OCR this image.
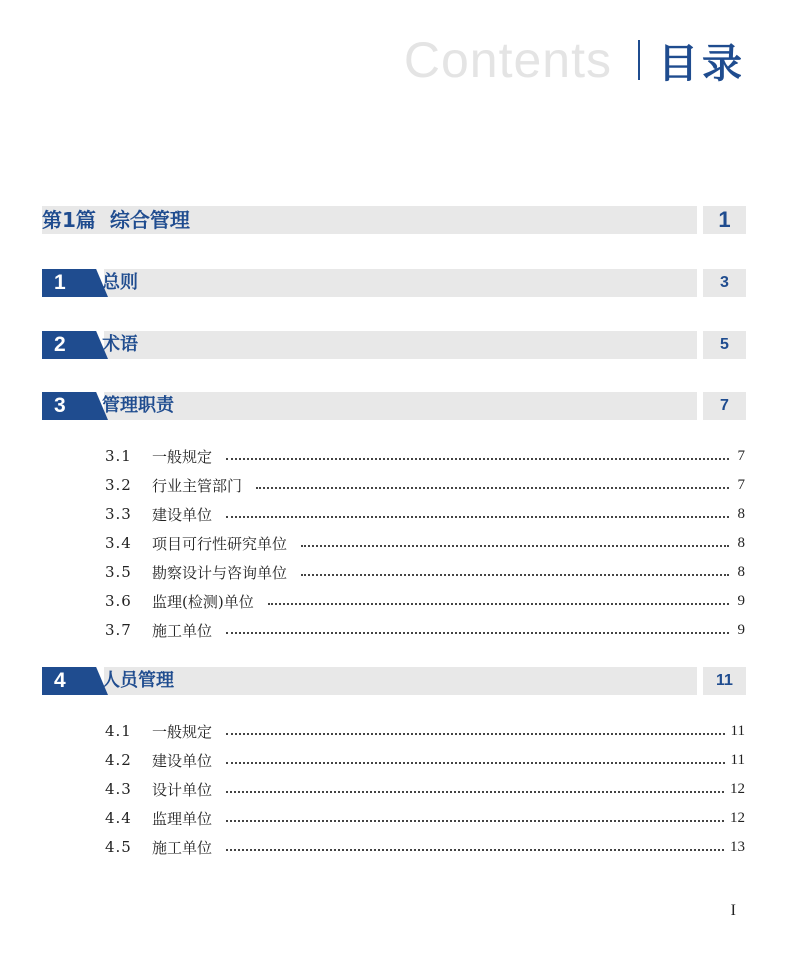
Contents 目录
第1篇  综合管理	1
1 总则	3
2 术语	5
3 管理职责	7
3.1	一般规定	7
3.2	行业主管部门	7
3.3	建设单位	8
3.4	项目可行性研究单位	8
3.5	勘察设计与咨询单位	8
3.6	监理(检测)单位	9
3.7	施工单位	9
4 人员管理	11
4.1	一般规定	11
4.2	建设单位	11
4.3	设计单位	12
4.4	监理单位	12
4.5	施工单位	13
I
